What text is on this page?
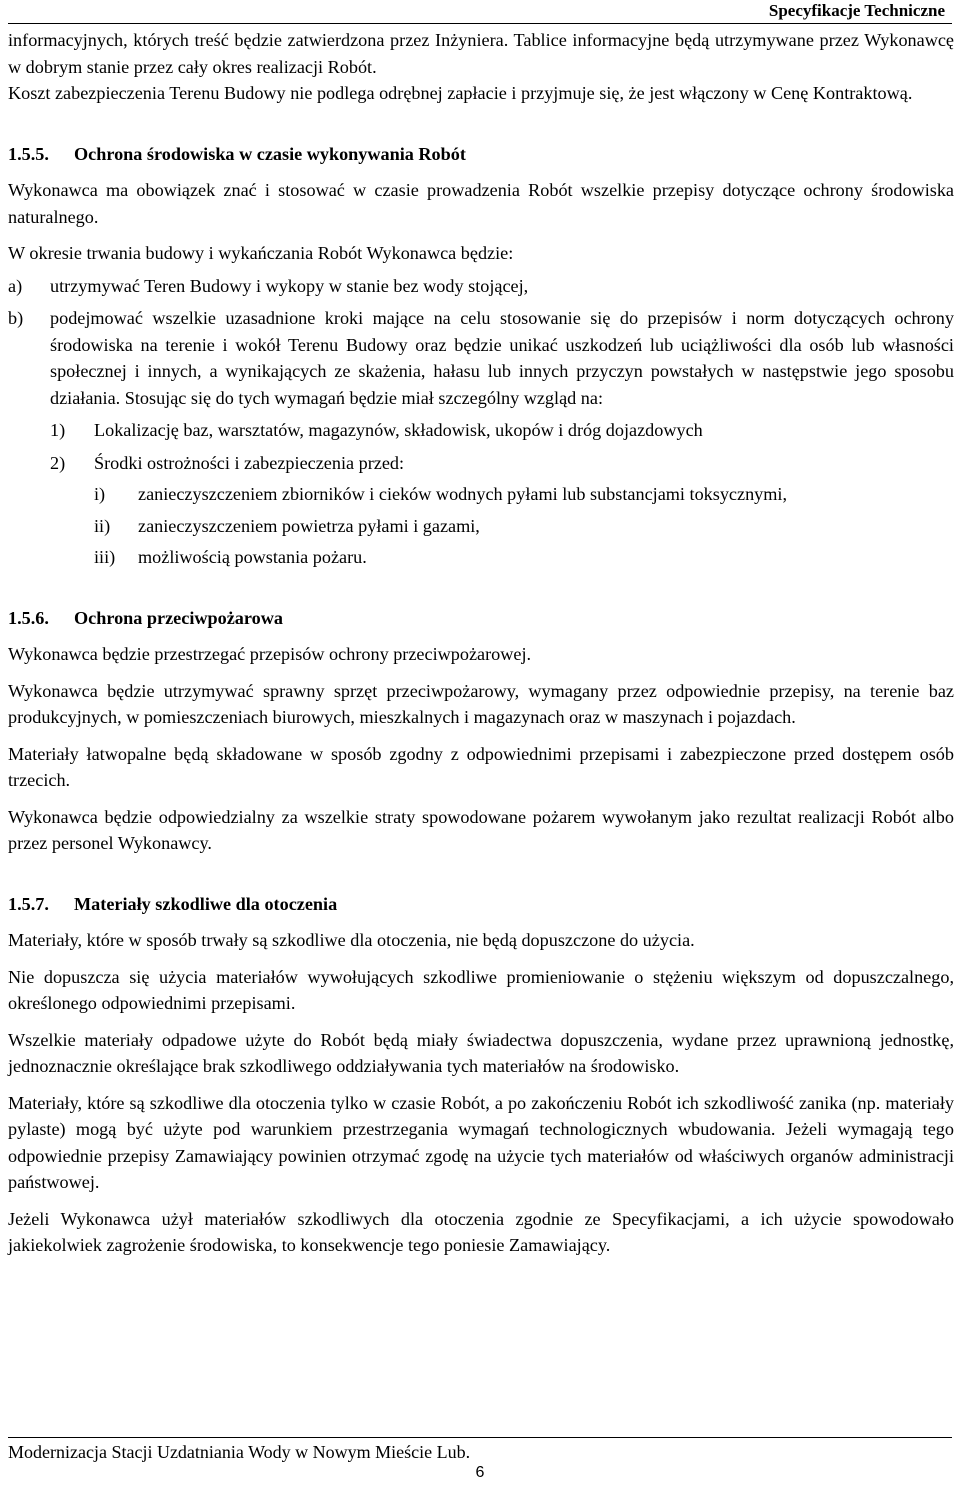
Specyfikacje Techniczne

informacyjnych, których treść będzie zatwierdzona przez Inżyniera. Tablice informacyjne będą utrzymywane przez Wykonawcę w dobrym stanie przez cały okres realizacji Robót.

Koszt zabezpieczenia Terenu Budowy nie podlega odrębnej zapłacie i przyjmuje się, że jest włączony w Cenę Kontraktową.

1.5.5.	Ochrona środowiska w czasie wykonywania Robót

Wykonawca ma obowiązek znać i stosować w czasie prowadzenia Robót wszelkie przepisy dotyczące ochrony środowiska naturalnego.

W okresie trwania budowy i wykańczania Robót Wykonawca będzie:

a)	utrzymywać Teren Budowy i wykopy w stanie bez wody stojącej,
b)	podejmować wszelkie uzasadnione kroki mające na celu stosowanie się do przepisów i norm dotyczących ochrony środowiska na terenie i wokół Terenu Budowy oraz będzie unikać uszkodzeń lub uciążliwości dla osób lub własności społecznej i innych, a wynikających ze skażenia, hałasu lub innych przyczyn powstałych w następstwie jego sposobu działania. Stosując się do tych wymagań będzie miał szczególny wzgląd na:
1)	Lokalizację baz, warsztatów, magazynów, składowisk, ukopów i dróg dojazdowych
2)	Środki ostrożności i zabezpieczenia przed:
i)	zanieczyszczeniem zbiorników i cieków wodnych pyłami lub substancjami toksycznymi,
ii)	zanieczyszczeniem powietrza pyłami i gazami,
iii)	możliwością powstania pożaru.
1.5.6.	Ochrona przeciwpożarowa

Wykonawca będzie przestrzegać przepisów ochrony przeciwpożarowej.

Wykonawca będzie utrzymywać sprawny sprzęt przeciwpożarowy, wymagany przez odpowiednie przepisy, na terenie baz produkcyjnych, w pomieszczeniach biurowych, mieszkalnych i magazynach oraz w maszynach i pojazdach.

Materiały łatwopalne będą składowane w sposób zgodny z odpowiednimi przepisami i zabezpieczone przed dostępem osób trzecich.

Wykonawca będzie odpowiedzialny za wszelkie straty spowodowane pożarem wywołanym jako rezultat realizacji Robót albo przez personel Wykonawcy.

1.5.7.	Materiały szkodliwe dla otoczenia

Materiały, które w sposób trwały są szkodliwe dla otoczenia, nie będą dopuszczone do użycia.

Nie dopuszcza się użycia materiałów wywołujących szkodliwe promieniowanie o stężeniu większym od dopuszczalnego, określonego odpowiednimi przepisami.

Wszelkie materiały odpadowe użyte do Robót będą miały świadectwa dopuszczenia, wydane przez uprawnioną jednostkę, jednoznacznie określające brak szkodliwego oddziaływania tych materiałów na środowisko.

Materiały, które są szkodliwe dla otoczenia tylko w czasie Robót, a po zakończeniu Robót ich szkodliwość zanika (np. materiały pylaste) mogą być użyte pod warunkiem przestrzegania wymagań technologicznych wbudowania. Jeżeli wymagają tego odpowiednie przepisy Zamawiający powinien otrzymać zgodę na użycie tych materiałów od właściwych organów administracji państwowej.

Jeżeli Wykonawca użył materiałów szkodliwych dla otoczenia zgodnie ze Specyfikacjami, a ich użycie spowodowało jakiekolwiek zagrożenie środowiska, to konsekwencje tego poniesie Zamawiający.

Modernizacja Stacji Uzdatniania Wody w Nowym Mieście Lub.
6
